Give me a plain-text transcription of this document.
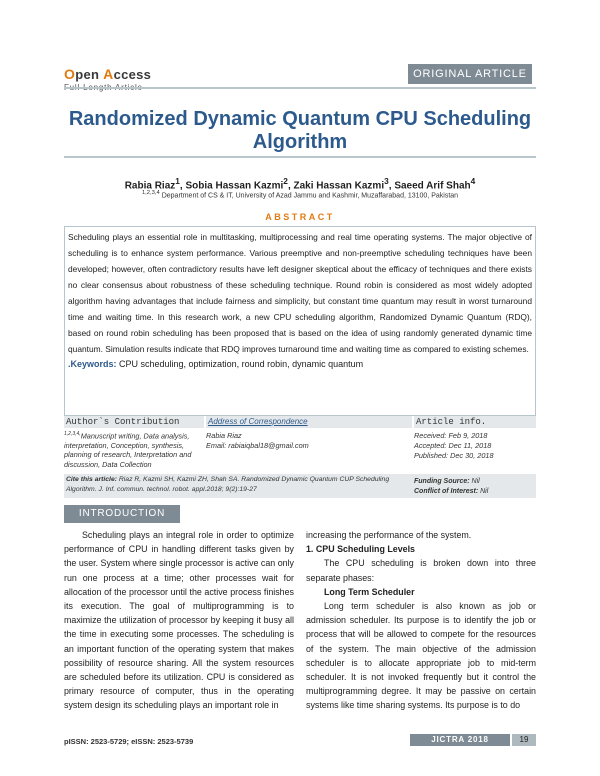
Open Access	ORIGINAL ARTICLE
Randomized Dynamic Quantum CPU Scheduling Algorithm
Rabia Riaz$^1$, Sobia Hassan Kazmi$^2$, Zaki Hassan Kazmi$^3$, Saeed Arif Shah$^4$
$^{1,2,3,4}$ Department of CS & IT, University of Azad Jammu and Kashmir, Muzaffarabad, 13100, Pakistan
ABSTRACT
Scheduling plays an essential role in multitasking, multiprocessing and real time operating systems. The major objective of scheduling is to enhance system performance. Various preemptive and non-preemptive scheduling techniques have been developed; however, often contradictory results have left designer skeptical about the efficacy of techniques and there exists no clear consensus about robustness of these scheduling technique. Round robin is considered as most widely adopted algorithm having advantages that include fairness and simplicity, but constant time quantum may result in worst turnaround time and waiting time. In this research work, a new CPU scheduling algorithm, Randomized Dynamic Quantum (RDQ), based on round robin scheduling has been proposed that is based on the idea of using randomly generated dynamic time quantum. Simulation results indicate that RDQ improves turnaround time and waiting time as compared to existing schemes.
.Keywords: CPU scheduling, optimization, round robin, dynamic quantum
Author`s Contribution	Address of Correspondence	Article info.
$^{1,2,3,4,}$Manuscript writing, Data analysis, interpretation, Conception, synthesis, planning of research, Interpretation and discussion, Data Collection
Rabia Riaz
Email: rabiaiqbal18@gmail.com
Received: Feb 9, 2018
Accepted: Dec 11, 2018
Published: Dec 30, 2018
Cite this article: Riaz R, Kazmi SH, Kazmi ZH, Shah SA. Randomized Dynamic Quantum CUP Scheduling Algorithm. J. Inf. commun. technol. robot. appl.2018; 9(2):19-27
Funding Source: Nil
Conflict of Interest: Nil
INTRODUCTION

Scheduling plays an integral role in order to optimize performance of CPU in handling different tasks given by the user. System where single processor is active can only run one process at a time; other processes wait for allocation of the processor until the active process finishes its execution. The goal of multiprogramming is to maximize the utilization of processor by keeping it busy all the time in executing some processes. The scheduling is an important function of the operating system that makes possibility of resource sharing. All the system resources are scheduled before its utilization. CPU is considered as primary resource of computer, thus in the operating system design its scheduling plays an important role in

increasing the performance of the system.

1. CPU Scheduling Levels

The CPU scheduling is broken down into three separate phases:

Long Term Scheduler

Long term scheduler is also known as job or admission scheduler. Its purpose is to identify the job or process that will be allowed to compete for the resources of the system. The main objective of the admission scheduler is to allocate appropriate job to mid-term scheduler. It is not invoked frequently but it control the multiprogramming degree. It may be passive on certain systems like time sharing systems. Its purpose is to do

pISSN: 2523-5729; eISSN: 2523-5739	JICTRA 2018	19
